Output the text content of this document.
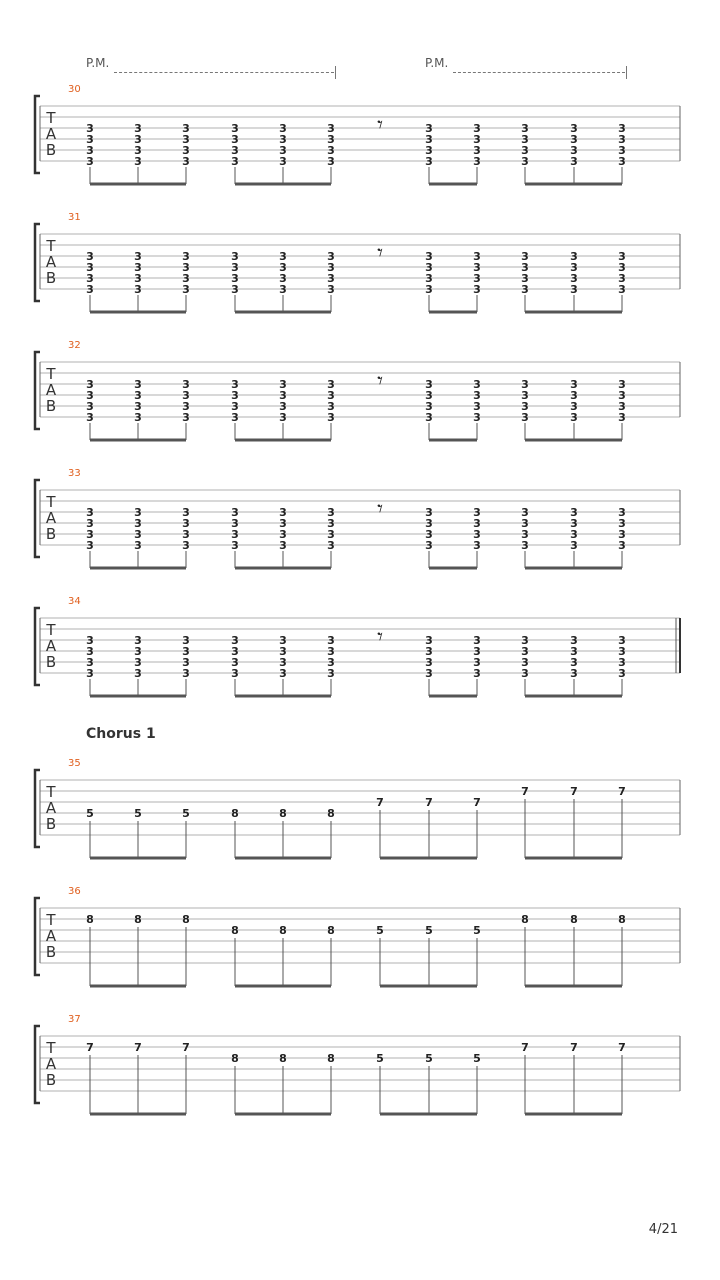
P.M.	P.M.
30
T
A
B
3
3
3
3
3
3
3
3
3
3
3
3
3
3
3
3
3
3
3
3
3
3
3
3
3
3
3
3
3
3
3
3
3
3
3
3
3
3
3
3
3
3
3
3
𝄾
31
T
A
B
3
3
3
3
3
3
3
3
3
3
3
3
3
3
3
3
3
3
3
3
3
3
3
3
3
3
3
3
3
3
3
3
3
3
3
3
3
3
3
3
3
3
3
3
𝄾
32
T
A
B
3
3
3
3
3
3
3
3
3
3
3
3
3
3
3
3
3
3
3
3
3
3
3
3
3
3
3
3
3
3
3
3
3
3
3
3
3
3
3
3
3
3
3
3
𝄾
33
T
A
B
3
3
3
3
3
3
3
3
3
3
3
3
3
3
3
3
3
3
3
3
3
3
3
3
3
3
3
3
3
3
3
3
3
3
3
3
3
3
3
3
3
3
3
3
𝄾
34
T
A
B
3
3
3
3
3
3
3
3
3
3
3
3
3
3
3
3
3
3
3
3
3
3
3
3
3
3
3
3
3
3
3
3
3
3
3
3
3
3
3
3
3
3
3
3
𝄾
35
T
A
B
5	5	5	8	8	8
7	7	7
7	7	7
36
T
A
B
8	8	8
8	8	8	5	5	5
8	8	8
37
T
A
B
7	7	7
8	8	8	5	5	5
7	7	7
Chorus 1
4/21
